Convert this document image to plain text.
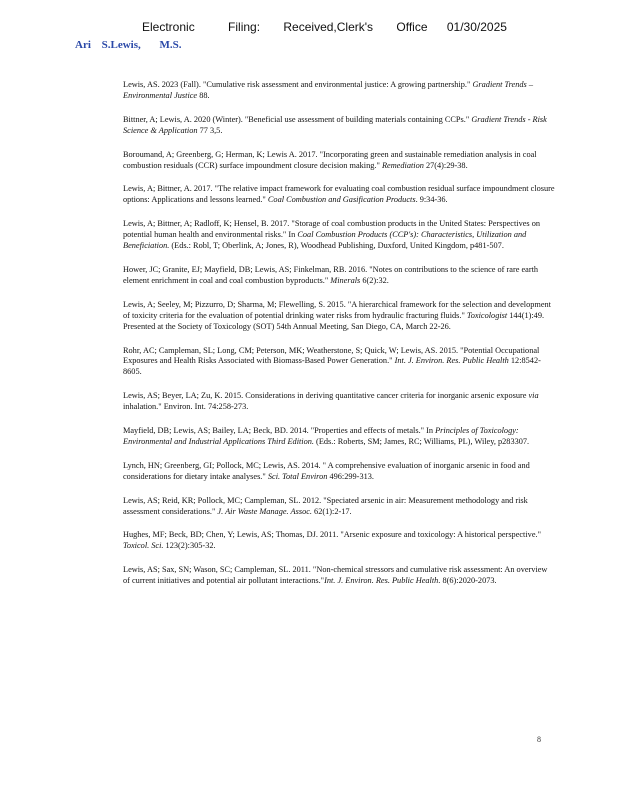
Electronic	Filing: Received,Clerk's Office 01/30/2025
Ari S.Lewis, M.S.

Lewis, AS. 2023 (Fall). "Cumulative risk assessment and environmental justice: A growing partnership." Gradient Trends – Environmental Justice 88.

Bittner, A; Lewis, A. 2020 (Winter). "Beneficial use assessment of building materials containing CCPs." Gradient Trends - Risk Science & Application 77 3,5.

Boroumand, A; Greenberg, G; Herman, K; Lewis A. 2017. "Incorporating green and sustainable remediation analysis in coal combustion residuals (CCR) surface impoundment closure decision making." Remediation 27(4):29-38.

Lewis, A; Bittner, A. 2017. "The relative impact framework for evaluating coal combustion residual surface impoundment closure options: Applications and lessons learned." Coal Combustion and Gasification Products. 9:34-36.

Lewis, A; Bittner, A; Radloff, K; Hensel, B. 2017. "Storage of coal combustion products in the United States: Perspectives on potential human health and environmental risks." In Coal Combustion Products (CCP's): Characteristics, Utilization and Beneficiation. (Eds.: Robl, T; Oberlink, A; Jones, R), Woodhead Publishing, Duxford, United Kingdom, p481-507.

Hower, JC; Granite, EJ; Mayfield, DB; Lewis, AS; Finkelman, RB. 2016. "Notes on contributions to the science of rare earth element enrichment in coal and coal combustion byproducts." Minerals 6(2):32.

Lewis, A; Seeley, M; Pizzurro, D; Sharma, M; Flewelling, S. 2015. "A hierarchical framework for the selection and development of toxicity criteria for the evaluation of potential drinking water risks from hydraulic fracturing fluids." Toxicologist 144(1):49. Presented at the Society of Toxicology (SOT) 54th Annual Meeting, San Diego, CA, March 22-26.

Rohr, AC; Campleman, SL; Long, CM; Peterson, MK; Weatherstone, S; Quick, W; Lewis, AS. 2015. "Potential Occupational Exposures and Health Risks Associated with Biomass-Based Power Generation." Int. J. Environ. Res. Public Health 12:8542-8605.

Lewis, AS; Beyer, LA; Zu, K. 2015. Considerations in deriving quantitative cancer criteria for inorganic arsenic exposure via inhalation." Environ. Int. 74:258-273.

Mayfield, DB; Lewis, AS; Bailey, LA; Beck, BD. 2014. "Properties and effects of metals." In Principles of Toxicology: Environmental and Industrial Applications Third Edition. (Eds.: Roberts, SM; James, RC; Williams, PL), Wiley, p283307.

Lynch, HN; Greenberg, GI; Pollock, MC; Lewis, AS. 2014. " A comprehensive evaluation of inorganic arsenic in food and considerations for dietary intake analyses." Sci. Total Environ 496:299-313.

Lewis, AS; Reid, KR; Pollock, MC; Campleman, SL. 2012. "Speciated arsenic in air: Measurement methodology and risk assessment considerations." J. Air Waste Manage. Assoc. 62(1):2-17.

Hughes, MF; Beck, BD; Chen, Y; Lewis, AS; Thomas, DJ. 2011. "Arsenic exposure and toxicology: A historical perspective." Toxicol. Sci. 123(2):305-32.

Lewis, AS; Sax, SN; Wason, SC; Campleman, SL. 2011. "Non-chemical stressors and cumulative risk assessment: An overview of current initiatives and potential air pollutant interactions."Int. J. Environ. Res. Public Health. 8(6):2020-2073.

8
